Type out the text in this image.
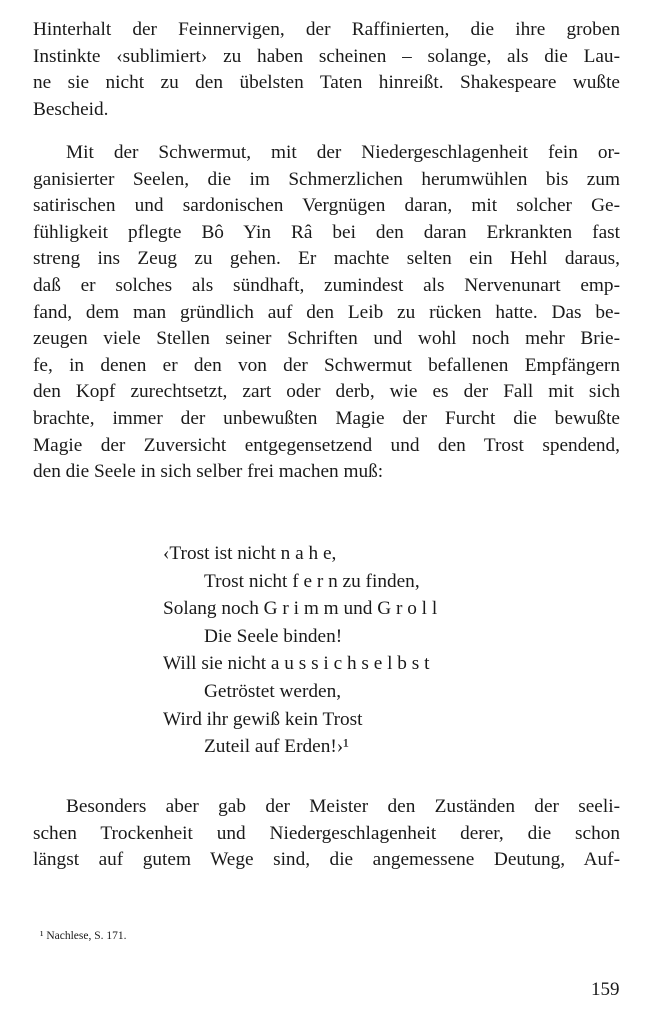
Hinterhalt der Feinnervigen, der Raffinierten, die ihre groben
Instinkte ‹sublimiert› zu haben scheinen – solange, als die Lau-
ne sie nicht zu den übelsten Taten hinreißt. Shakespeare wußte
Bescheid.
Mit der Schwermut, mit der Niedergeschlagenheit fein or-
ganisierter Seelen, die im Schmerzlichen herumwühlen bis zum
satirischen und sardonischen Vergnügen daran, mit solcher Ge-
fühligkeit pflegte Bô Yin Râ bei den daran Erkrankten fast
streng ins Zeug zu gehen. Er machte selten ein Hehl daraus,
daß er solches als sündhaft, zumindest als Nervenunart emp-
fand, dem man gründlich auf den Leib zu rücken hatte. Das be-
zeugen viele Stellen seiner Schriften und wohl noch mehr Brie-
fe, in denen er den von der Schwermut befallenen Empfängern
den Kopf zurechtsetzt, zart oder derb, wie es der Fall mit sich
brachte, immer der unbewußten Magie der Furcht die bewußte
Magie der Zuversicht entgegensetzend und den Trost spendend,
den die Seele in sich selber frei machen muß:
‹Trost ist nicht n a h e,
Trost nicht f e r n zu finden,
Solang noch G r i m m und G r o l l
Die Seele binden!
Will sie nicht a u s s i c h s e l b s t
Getröstet werden,
Wird ihr gewiß kein Trost
Zuteil auf Erden!›¹
Besonders aber gab der Meister den Zuständen der seeli-
schen Trockenheit und Niedergeschlagenheit derer, die schon
längst auf gutem Wege sind, die angemessene Deutung, Auf-
¹ Nachlese, S. 171.
159
